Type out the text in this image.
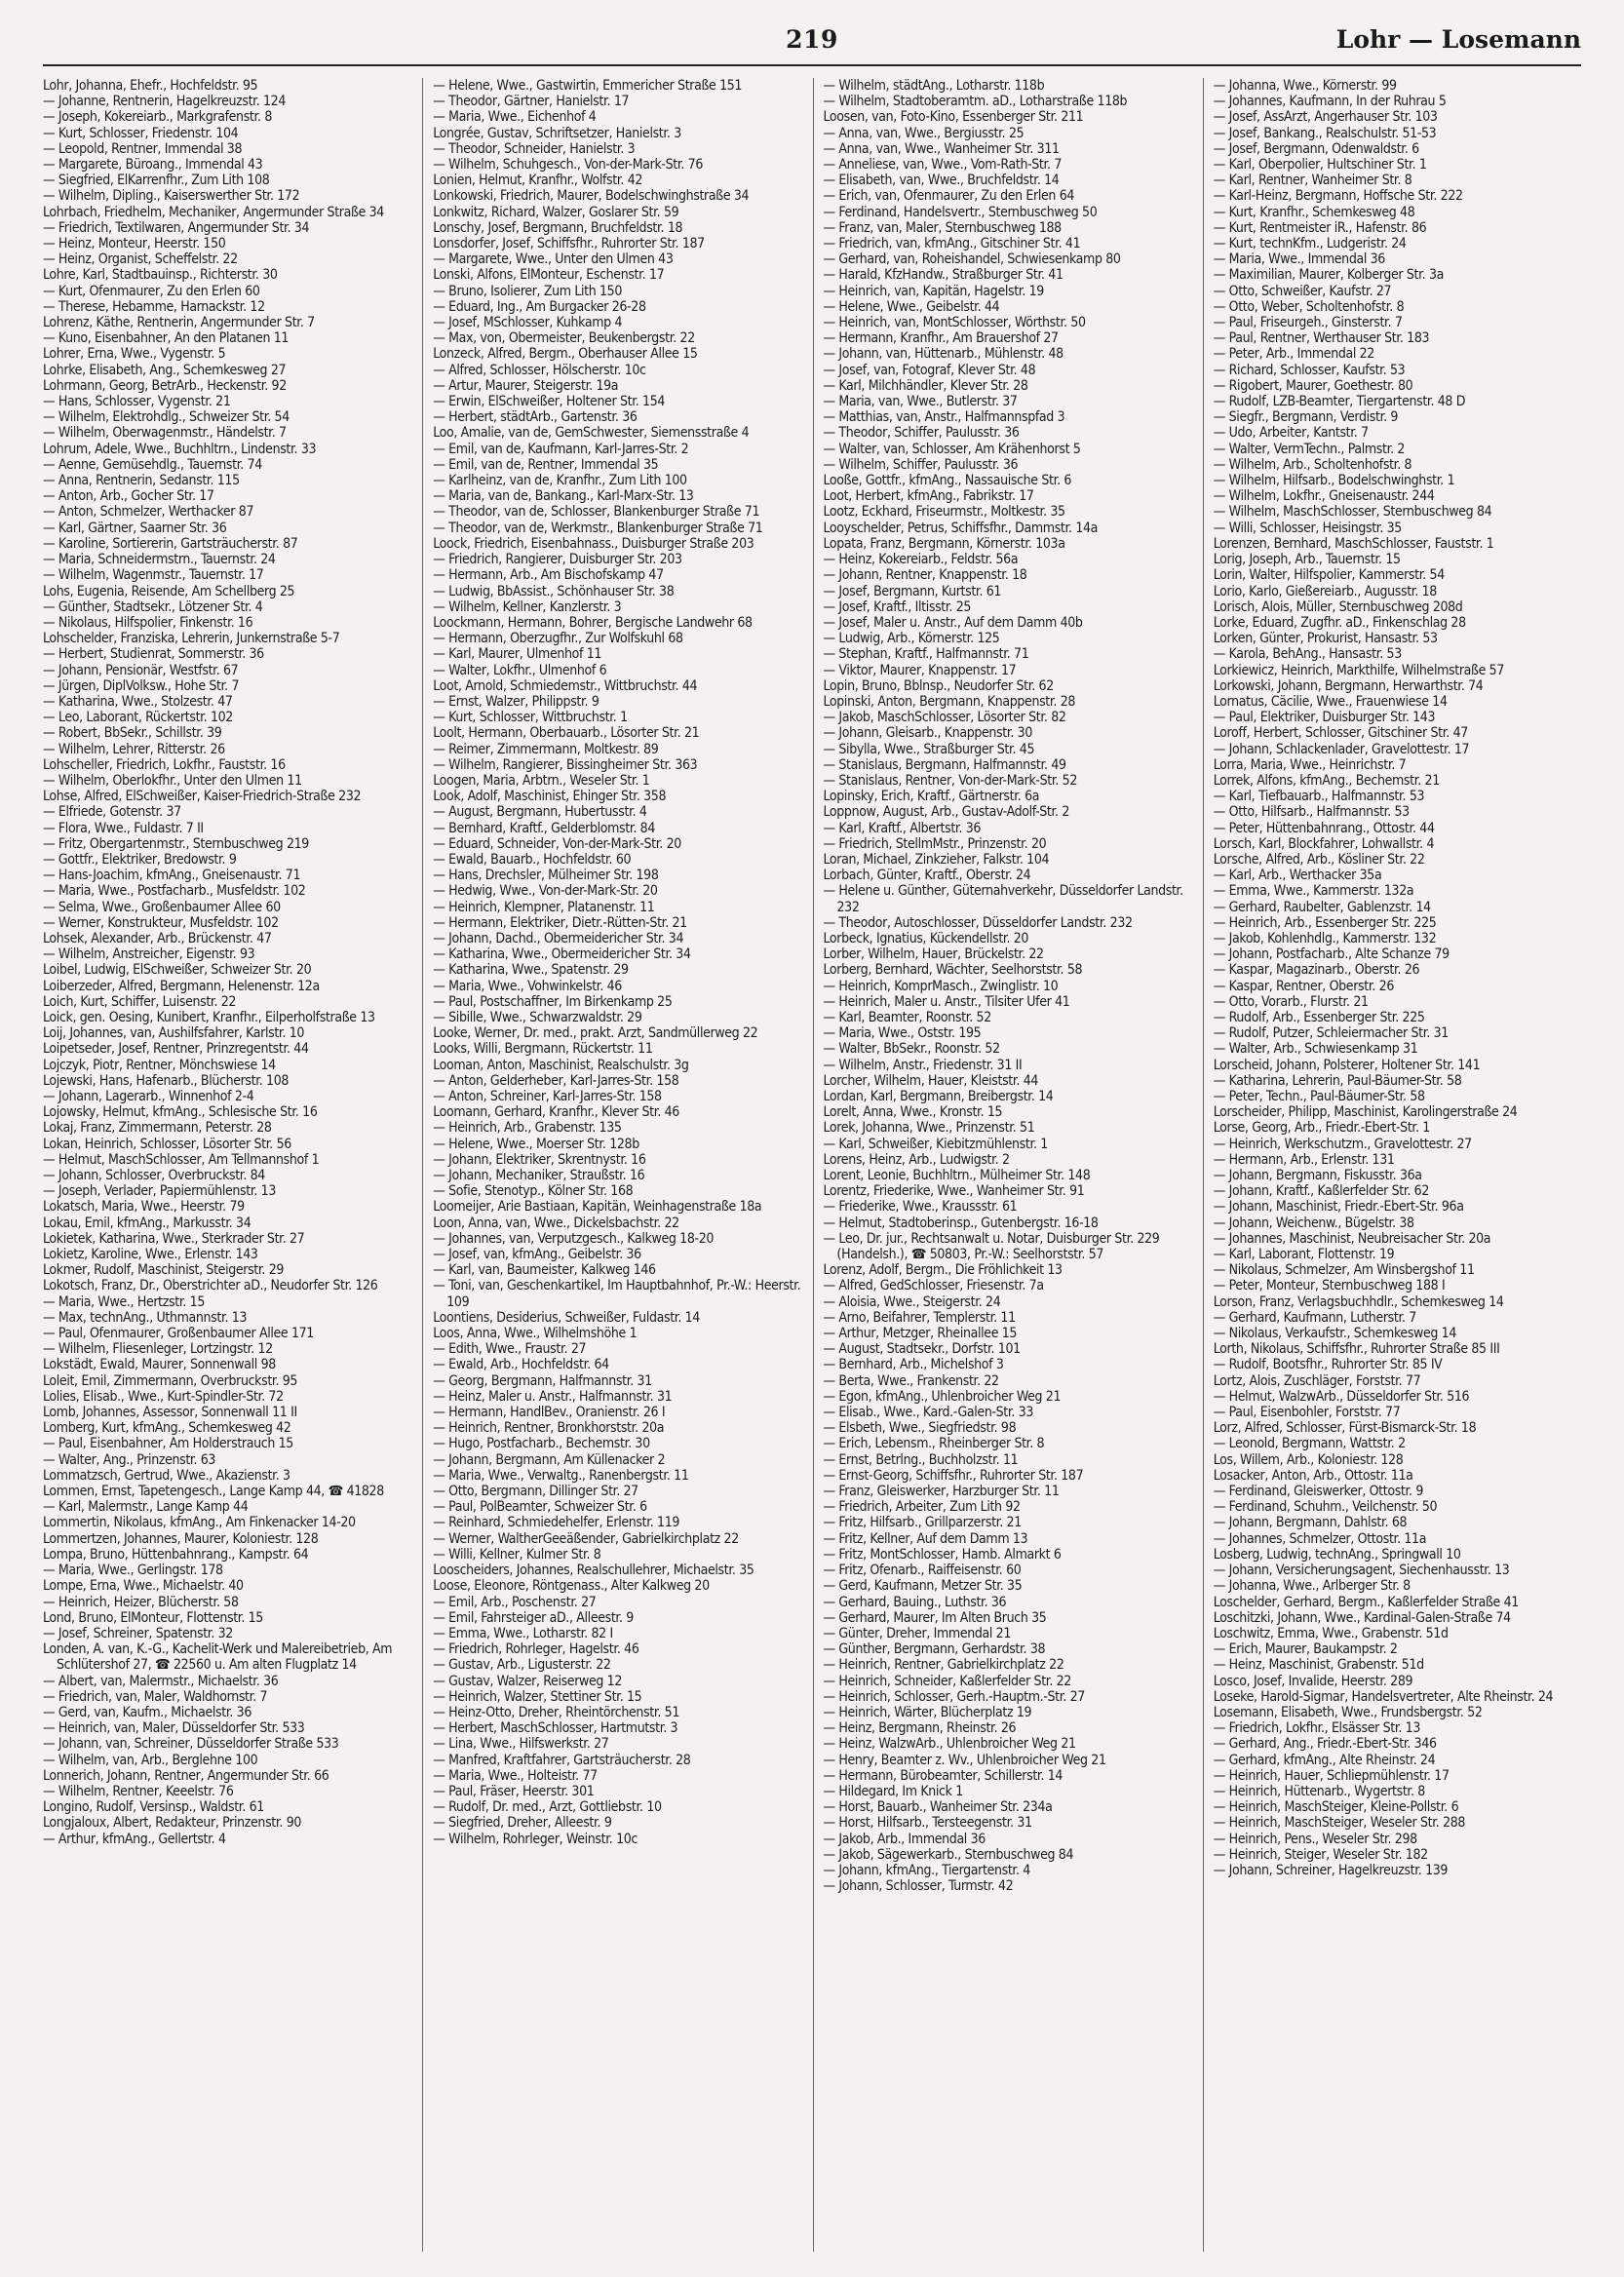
219	Lohr — Losemann
Lohr, Johanna, Ehefr., Hochfeldstr. 95
— Johanne, Rentnerin, Hagelkreuzstr. 124
— Joseph, Kokereiarb., Markgrafenstr. 8
— Kurt, Schlosser, Friedenstr. 104
— Leopold, Rentner, Immendal 38
— Margarete, Büroang., Immendal 43
— Siegfried, ElKarrenfhr., Zum Lith 108
— Wilhelm, Dipling., Kaiserswerther Str. 172
Lohrbach, Friedhelm, Mechaniker, Angermunder Straße 34
— Friedrich, Textilwaren, Angermunder Str. 34
— Heinz, Monteur, Heerstr. 150
— Heinz, Organist, Scheffelstr. 22
Lohre, Karl, Stadtbauinsp., Richterstr. 30
— Kurt, Ofenmaurer, Zu den Erlen 60
— Therese, Hebamme, Harnackstr. 12
Lohrenz, Käthe, Rentnerin, Angermunder Str. 7
— Kuno, Eisenbahner, An den Platanen 11
Lohrer, Erna, Wwe., Vygenstr. 5
Lohrke, Elisabeth, Ang., Schemkesweg 27
Lohrmann, Georg, BetrArb., Heckenstr. 92
— Hans, Schlosser, Vygenstr. 21
— Wilhelm, Elektrohdlg., Schweizer Str. 54
— Wilhelm, Oberwagenmstr., Händelstr. 7
Lohrum, Adele, Wwe., Buchhltrn., Lindenstr. 33
— Aenne, Gemüsehdlg., Tauernstr. 74
— Anna, Rentnerin, Sedanstr. 115
— Anton, Arb., Gocher Str. 17
— Anton, Schmelzer, Werthacker 87
— Karl, Gärtner, Saarner Str. 36
— Karoline, Sortiererin, Gartsträucherstr. 87
— Maria, Schneidermstrn., Tauernstr. 24
— Wilhelm, Wagenmstr., Tauernstr. 17
Lohs, Eugenia, Reisende, Am Schellberg 25
— Günther, Stadtsekr., Lötzener Str. 4
— Nikolaus, Hilfspolier, Finkenstr. 16
Lohschelder, Franziska, Lehrerin, Junkernstraße 5-7
— Herbert, Studienrat, Sommerstr. 36
— Johann, Pensionär, Westfstr. 67
— Jürgen, DiplVolksw., Hohe Str. 7
— Katharina, Wwe., Stolzestr. 47
— Leo, Laborant, Rückertstr. 102
— Robert, BbSekr., Schillstr. 39
— Wilhelm, Lehrer, Ritterstr. 26
Lohscheller, Friedrich, Lokfhr., Fauststr. 16
— Wilhelm, Oberlokfhr., Unter den Ulmen 11
Lohse, Alfred, ElSchweißer, Kaiser-Friedrich-Straße 232
— Elfriede, Gotenstr. 37
— Flora, Wwe., Fuldastr. 7 II
— Fritz, Obergartenmstr., Sternbuschweg 219
— Gottfr., Elektriker, Bredowstr. 9
— Hans-Joachim, kfmAng., Gneisenaustr. 71
— Maria, Wwe., Postfacharb., Musfeldstr. 102
— Selma, Wwe., Großenbaumer Allee 60
— Werner, Konstrukteur, Musfeldstr. 102
Lohsek, Alexander, Arb., Brückenstr. 47
— Wilhelm, Anstreicher, Eigenstr. 93
Loibel, Ludwig, ElSchweißer, Schweizer Str. 20
Loiberzeder, Alfred, Bergmann, Helenenstr. 12a
Loich, Kurt, Schiffer, Luisenstr. 22
Loick, gen. Oesing, Kunibert, Kranfhr., Eilperholfstraße 13
Loij, Johannes, van, Aushilfsfahrer, Karlstr. 10
Loipetseder, Josef, Rentner, Prinzregentstr. 44
Lojczyk, Piotr, Rentner, Mönchswiese 14
Lojewski, Hans, Hafenarb., Blücherstr. 108
— Johann, Lagerarb., Winnenhof 2-4
Lojowsky, Helmut, kfmAng., Schlesische Str. 16
Lokaj, Franz, Zimmermann, Peterstr. 28
Lokan, Heinrich, Schlosser, Lösorter Str. 56
— Helmut, MaschSchlosser, Am Tellmannshof 1
— Johann, Schlosser, Overbruckstr. 84
— Joseph, Verlader, Papiermühlenstr. 13
Lokatsch, Maria, Wwe., Heerstr. 79
Lokau, Emil, kfmAng., Markusstr. 34
Lokietek, Katharina, Wwe., Sterkrader Str. 27
Lokietz, Karoline, Wwe., Erlenstr. 143
Lokmer, Rudolf, Maschinist, Steigerstr. 29
Lokotsch, Franz, Dr., Oberstrichter aD., Neudorfer Str. 126
— Maria, Wwe., Hertzstr. 15
— Max, technAng., Uthmannstr. 13
— Paul, Ofenmaurer, Großenbaumer Allee 171
— Wilhelm, Fliesenleger, Lortzingstr. 12
Lokstädt, Ewald, Maurer, Sonnenwall 98
Loleit, Emil, Zimmermann, Overbruckstr. 95
Lolies, Elisab., Wwe., Kurt-Spindler-Str. 72
Lomb, Johannes, Assessor, Sonnenwall 11 II
Lomberg, Kurt, kfmAng., Schemkesweg 42
— Paul, Eisenbahner, Am Holderstrauch 15
— Walter, Ang., Prinzenstr. 63
Lommatzsch, Gertrud, Wwe., Akazienstr. 3
Lommen, Ernst, Tapetengesch., Lange Kamp 44, ☎ 41828
— Karl, Malermstr., Lange Kamp 44
Lommertin, Nikolaus, kfmAng., Am Finkenacker 14-20
Lommertzen, Johannes, Maurer, Koloniestr. 128
Lompa, Bruno, Hüttenbahnrang., Kampstr. 64
— Maria, Wwe., Gerlingstr. 178
Lompe, Erna, Wwe., Michaelstr. 40
— Heinrich, Heizer, Blücherstr. 58
Lond, Bruno, ElMonteur, Flottenstr. 15
— Josef, Schreiner, Spatenstr. 32
Londen, A. van, K.-G., Kachelit-Werk und Malereibetrieb, Am Schlütershof 27, ☎ 22560 u. Am alten Flugplatz 14
— Albert, van, Malermstr., Michaelstr. 36
— Friedrich, van, Maler, Waldhornstr. 7
— Gerd, van, Kaufm., Michaelstr. 36
— Heinrich, van, Maler, Düsseldorfer Str. 533
— Johann, van, Schreiner, Düsseldorfer Straße 533
— Wilhelm, van, Arb., Berglehne 100
Lonnerich, Johann, Rentner, Angermunder Str. 66
— Wilhelm, Rentner, Keeelstr. 76
Longino, Rudolf, Versinsp., Waldstr. 61
Longjaloux, Albert, Redakteur, Prinzenstr. 90
— Arthur, kfmAng., Gellertstr. 4
— Helene, Wwe., Gastwirtin, Emmericher Straße 151
— Theodor, Gärtner, Hanielstr. 17
— Maria, Wwe., Eichenhof 4
Longrée, Gustav, Schriftsetzer, Hanielstr. 3
— Theodor, Schneider, Hanielstr. 3
— Wilhelm, Schuhgesch., Von-der-Mark-Str. 76
Lonien, Helmut, Kranfhr., Wolfstr. 42
Lonkowski, Friedrich, Maurer, Bodelschwinghstraße 34
Lonkwitz, Richard, Walzer, Goslarer Str. 59
Lonschy, Josef, Bergmann, Bruchfeldstr. 18
Lonsdorfer, Josef, Schiffsfhr., Ruhrorter Str. 187
— Margarete, Wwe., Unter den Ulmen 43
Lonski, Alfons, ElMonteur, Eschenstr. 17
— Bruno, Isolierer, Zum Lith 150
— Eduard, Ing., Am Burgacker 26-28
— Josef, MSchlosser, Kuhkamp 4
— Max, von, Obermeister, Beukenbergstr. 22
Lonzeck, Alfred, Bergm., Oberhauser Allee 15
— Alfred, Schlosser, Hölscherstr. 10c
— Artur, Maurer, Steigerstr. 19a
— Erwin, ElSchweißer, Holtener Str. 154
— Herbert, städtArb., Gartenstr. 36
Loo, Amalie, van de, GemSchwester, Siemensstraße 4
— Emil, van de, Kaufmann, Karl-Jarres-Str. 2
— Emil, van de, Rentner, Immendal 35
— Karlheinz, van de, Kranfhr., Zum Lith 100
— Maria, van de, Bankang., Karl-Marx-Str. 13
— Theodor, van de, Schlosser, Blankenburger Straße 71
— Theodor, van de, Werkmstr., Blankenburger Straße 71
Loock, Friedrich, Eisenbahnass., Duisburger Straße 203
— Friedrich, Rangierer, Duisburger Str. 203
— Hermann, Arb., Am Bischofskamp 47
— Ludwig, BbAssist., Schönhauser Str. 38
— Wilhelm, Kellner, Kanzlerstr. 3
Loockmann, Hermann, Bohrer, Bergische Landwehr 68
— Hermann, Oberzugfhr., Zur Wolfskuhl 68
— Karl, Maurer, Ulmenhof 11
— Walter, Lokfhr., Ulmenhof 6
Loot, Arnold, Schmiedemstr., Wittbruchstr. 44
— Ernst, Walzer, Philippstr. 9
— Kurt, Schlosser, Wittbruchstr. 1
Loolt, Hermann, Oberbauarb., Lösorter Str. 21
— Reimer, Zimmermann, Moltkestr. 89
— Wilhelm, Rangierer, Bissingheimer Str. 363
Loogen, Maria, Arbtrn., Weseler Str. 1
Look, Adolf, Maschinist, Ehinger Str. 358
— August, Bergmann, Hubertusstr. 4
— Bernhard, Kraftf., Gelderblomstr. 84
— Eduard, Schneider, Von-der-Mark-Str. 20
— Ewald, Bauarb., Hochfeldstr. 60
— Hans, Drechsler, Mülheimer Str. 198
— Hedwig, Wwe., Von-der-Mark-Str. 20
— Heinrich, Klempner, Platanenstr. 11
— Hermann, Elektriker, Dietr.-Rütten-Str. 21
— Johann, Dachd., Obermeidericher Str. 34
— Katharina, Wwe., Obermeidericher Str. 34
— Katharina, Wwe., Spatenstr. 29
— Maria, Wwe., Vohwinkelstr. 46
— Paul, Postschaffner, Im Birkenkamp 25
— Sibille, Wwe., Schwarzwaldstr. 29
Looke, Werner, Dr. med., prakt. Arzt, Sandmüllerweg 22
Looks, Willi, Bergmann, Rückertstr. 11
Looman, Anton, Maschinist, Realschulstr. 3g
— Anton, Gelderheber, Karl-Jarres-Str. 158
— Anton, Schreiner, Karl-Jarres-Str. 158
Loomann, Gerhard, Kranfhr., Klever Str. 46
— Heinrich, Arb., Grabenstr. 135
— Helene, Wwe., Moerser Str. 128b
— Johann, Elektriker, Skrentnystr. 16
— Johann, Mechaniker, Straußstr. 16
— Sofie, Stenotyp., Kölner Str. 168
Loomeijer, Arie Bastiaan, Kapitän, Weinhagenstraße 18a
Loon, Anna, van, Wwe., Dickelsbachstr. 22
— Johannes, van, Verputzgesch., Kalkweg 18-20
— Josef, van, kfmAng., Geibelstr. 36
— Karl, van, Baumeister, Kalkweg 146
— Toni, van, Geschenkartikel, Im Hauptbahnhof, Pr.-W.: Heerstr. 109
Loontiens, Desiderius, Schweißer, Fuldastr. 14
Loos, Anna, Wwe., Wilhelmshöhe 1
— Edith, Wwe., Fraustr. 27
— Ewald, Arb., Hochfeldstr. 64
— Georg, Bergmann, Halfmannstr. 31
— Heinz, Maler u. Anstr., Halfmannstr. 31
— Hermann, HandlBev., Oranienstr. 26 I
— Heinrich, Rentner, Bronkhorststr. 20a
— Hugo, Postfacharb., Bechemstr. 30
— Johann, Bergmann, Am Küllenacker 2
— Maria, Wwe., Verwaltg., Ranenbergstr. 11
— Otto, Bergmann, Dillinger Str. 27
— Paul, PolBeamter, Schweizer Str. 6
— Reinhard, Schmiedehelfer, Erlenstr. 119
— Werner, WaltherGeeäßender, Gabrielkirchplatz 22
— Willi, Kellner, Kulmer Str. 8
Looscheiders, Johannes, Realschullehrer, Michaelstr. 35
Loose, Eleonore, Röntgenass., Alter Kalkweg 20
— Emil, Arb., Poschenstr. 27
— Emil, Fahrsteiger aD., Alleestr. 9
— Emma, Wwe., Lotharstr. 82 I
— Friedrich, Rohrleger, Hagelstr. 46
— Gustav, Arb., Ligusterstr. 22
— Gustav, Walzer, Reiserweg 12
— Heinrich, Walzer, Stettiner Str. 15
— Heinz-Otto, Dreher, Rheintörchenstr. 51
— Herbert, MaschSchlosser, Hartmutstr. 3
— Lina, Wwe., Hilfswerkstr. 27
— Manfred, Kraftfahrer, Gartsträucherstr. 28
— Maria, Wwe., Holteistr. 77
— Paul, Fräser, Heerstr. 301
— Rudolf, Dr. med., Arzt, Gottliebstr. 10
— Siegfried, Dreher, Alleestr. 9
— Wilhelm, Rohrleger, Weinstr. 10c
— Wilhelm, städtAng., Lotharstr. 118b
— Wilhelm, Stadtoberamtm. aD., Lotharstraße 118b
Loosen, van, Foto-Kino, Essenberger Str. 211
— Anna, van, Wwe., Bergiusstr. 25
— Anna, van, Wwe., Wanheimer Str. 311
— Anneliese, van, Wwe., Vom-Rath-Str. 7
— Elisabeth, van, Wwe., Bruchfeldstr. 14
— Erich, van, Ofenmaurer, Zu den Erlen 64
— Ferdinand, Handelsvertr., Sternbuschweg 50
— Franz, van, Maler, Sternbuschweg 188
— Friedrich, van, kfmAng., Gitschiner Str. 41
— Gerhard, van, Roheishandel, Schwiesenkamp 80
— Harald, KfzHandw., Straßburger Str. 41
— Heinrich, van, Kapitän, Hagelstr. 19
— Helene, Wwe., Geibelstr. 44
— Heinrich, van, MontSchlosser, Wörthstr. 50
— Hermann, Kranfhr., Am Brauershof 27
— Johann, van, Hüttenarb., Mühlenstr. 48
— Josef, van, Fotograf, Klever Str. 48
— Karl, Milchhändler, Klever Str. 28
— Maria, van, Wwe., Butlerstr. 37
— Matthias, van, Anstr., Halfmannspfad 3
— Theodor, Schiffer, Paulusstr. 36
— Walter, van, Schlosser, Am Krähenhorst 5
— Wilhelm, Schiffer, Paulusstr. 36
Looße, Gottfr., kfmAng., Nassauische Str. 6
Loot, Herbert, kfmAng., Fabrikstr. 17
Lootz, Eckhard, Friseurmstr., Moltkestr. 35
Looyschelder, Petrus, Schiffsfhr., Dammstr. 14a
Lopata, Franz, Bergmann, Körnerstr. 103a
— Heinz, Kokereiarb., Feldstr. 56a
— Johann, Rentner, Knappenstr. 18
— Josef, Bergmann, Kurtstr. 61
— Josef, Kraftf., Iltisstr. 25
— Josef, Maler u. Anstr., Auf dem Damm 40b
— Ludwig, Arb., Körnerstr. 125
— Stephan, Kraftf., Halfmannstr. 71
— Viktor, Maurer, Knappenstr. 17
Lopin, Bruno, Bblnsp., Neudorfer Str. 62
Lopinski, Anton, Bergmann, Knappenstr. 28
— Jakob, MaschSchlosser, Lösorter Str. 82
— Johann, Gleisarb., Knappenstr. 30
— Sibylla, Wwe., Straßburger Str. 45
— Stanislaus, Bergmann, Halfmannstr. 49
— Stanislaus, Rentner, Von-der-Mark-Str. 52
Lopinsky, Erich, Kraftf., Gärtnerstr. 6a
Loppnow, August, Arb., Gustav-Adolf-Str. 2
— Karl, Kraftf., Albertstr. 36
— Friedrich, StellmMstr., Prinzenstr. 20
Loran, Michael, Zinkzieher, Falkstr. 104
Lorbach, Günter, Kraftf., Oberstr. 24
— Helene u. Günther, Güternahverkehr, Düsseldorfer Landstr. 232
— Theodor, Autoschlosser, Düsseldorfer Landstr. 232
Lorbeck, Ignatius, Kückendellstr. 20
Lorber, Wilhelm, Hauer, Brückelstr. 22
Lorberg, Bernhard, Wächter, Seelhorststr. 58
— Heinrich, KomprMasch., Zwinglistr. 10
— Heinrich, Maler u. Anstr., Tilsiter Ufer 41
— Karl, Beamter, Roonstr. 52
— Maria, Wwe., Oststr. 195
— Walter, BbSekr., Roonstr. 52
— Wilhelm, Anstr., Friedenstr. 31 II
Lorcher, Wilhelm, Hauer, Kleiststr. 44
Lordan, Karl, Bergmann, Breibergstr. 14
Lorelt, Anna, Wwe., Kronstr. 15
Lorek, Johanna, Wwe., Prinzenstr. 51
— Karl, Schweißer, Kiebitzmühlenstr. 1
Lorens, Heinz, Arb., Ludwigstr. 2
Lorent, Leonie, Buchhltrn., Mülheimer Str. 148
Lorentz, Friederike, Wwe., Wanheimer Str. 91
— Friederike, Wwe., Kraussstr. 61
— Helmut, Stadtoberinsp., Gutenbergstr. 16-18
— Leo, Dr. jur., Rechtsanwalt u. Notar, Duisburger Str. 229 (Handelsh.), ☎ 50803, Pr.-W.: Seelhorststr. 57
Lorenz, Adolf, Bergm., Die Fröhlichkeit 13
— Alfred, GedSchlosser, Friesenstr. 7a
— Aloisia, Wwe., Steigerstr. 24
— Arno, Beifahrer, Templerstr. 11
— Arthur, Metzger, Rheinallee 15
— August, Stadtsekr., Dorfstr. 101
— Bernhard, Arb., Michelshof 3
— Berta, Wwe., Frankenstr. 22
— Egon, kfmAng., Uhlenbroicher Weg 21
— Elisab., Wwe., Kard.-Galen-Str. 33
— Elsbeth, Wwe., Siegfriedstr. 98
— Erich, Lebensm., Rheinberger Str. 8
— Ernst, Betrlng., Buchholzstr. 11
— Ernst-Georg, Schiffsfhr., Ruhrorter Str. 187
— Franz, Gleiswerker, Harzburger Str. 11
— Friedrich, Arbeiter, Zum Lith 92
— Fritz, Hilfsarb., Grillparzerstr. 21
— Fritz, Kellner, Auf dem Damm 13
— Fritz, MontSchlosser, Hamb. Almarkt 6
— Fritz, Ofenarb., Raiffeisenstr. 60
— Gerd, Kaufmann, Metzer Str. 35
— Gerhard, Bauing., Luthstr. 36
— Gerhard, Maurer, Im Alten Bruch 35
— Günter, Dreher, Immendal 21
— Günther, Bergmann, Gerhardstr. 38
— Heinrich, Rentner, Gabrielkirchplatz 22
— Heinrich, Schneider, Kaßlerfelder Str. 22
— Heinrich, Schlosser, Gerh.-Hauptm.-Str. 27
— Heinrich, Wärter, Blücherplatz 19
— Heinz, Bergmann, Rheinstr. 26
— Heinz, WalzwArb., Uhlenbroicher Weg 21
— Henry, Beamter z. Wv., Uhlenbroicher Weg 21
— Hermann, Bürobeamter, Schillerstr. 14
— Hildegard, Im Knick 1
— Horst, Bauarb., Wanheimer Str. 234a
— Horst, Hilfsarb., Tersteegenstr. 31
— Jakob, Arb., Immendal 36
— Jakob, Sägewerkarb., Sternbuschweg 84
— Johann, kfmAng., Tiergartenstr. 4
— Johann, Schlosser, Turmstr. 42
— Johanna, Wwe., Körnerstr. 99
— Johannes, Kaufmann, In der Ruhrau 5
— Josef, AssArzt, Angerhauser Str. 103
— Josef, Bankang., Realschulstr. 51-53
— Josef, Bergmann, Odenwaldstr. 6
— Karl, Oberpolier, Hultschiner Str. 1
— Karl, Rentner, Wanheimer Str. 8
— Karl-Heinz, Bergmann, Hoffsche Str. 222
— Kurt, Kranfhr., Schemkesweg 48
— Kurt, Rentmeister iR., Hafenstr. 86
— Kurt, technKfm., Ludgeristr. 24
— Maria, Wwe., Immendal 36
— Maximilian, Maurer, Kolberger Str. 3a
— Otto, Schweißer, Kaufstr. 27
— Otto, Weber, Scholtenhofstr. 8
— Paul, Friseurgeh., Ginsterstr. 7
— Paul, Rentner, Werthauser Str. 183
— Peter, Arb., Immendal 22
— Richard, Schlosser, Kaufstr. 53
— Rigobert, Maurer, Goethestr. 80
— Rudolf, LZB-Beamter, Tiergartenstr. 48 D
— Siegfr., Bergmann, Verdistr. 9
— Udo, Arbeiter, Kantstr. 7
— Walter, VermTechn., Palmstr. 2
— Wilhelm, Arb., Scholtenhofstr. 8
— Wilhelm, Hilfsarb., Bodelschwinghstr. 1
— Wilhelm, Lokfhr., Gneisenaustr. 244
— Wilhelm, MaschSchlosser, Sternbuschweg 84
— Willi, Schlosser, Heisingstr. 35
Lorenzen, Bernhard, MaschSchlosser, Fauststr. 1
Lorig, Joseph, Arb., Tauernstr. 15
Lorin, Walter, Hilfspolier, Kammerstr. 54
Lorio, Karlo, Gießereiarb., Augusstr. 18
Lorisch, Alois, Müller, Sternbuschweg 208d
Lorke, Eduard, Zugfhr. aD., Finkenschlag 28
Lorken, Günter, Prokurist, Hansastr. 53
— Karola, BehAng., Hansastr. 53
Lorkiewicz, Heinrich, Markthilfe, Wilhelmstraße 57
Lorkowski, Johann, Bergmann, Herwarthstr. 74
Lornatus, Cäcilie, Wwe., Frauenwiese 14
— Paul, Elektriker, Duisburger Str. 143
Loroff, Herbert, Schlosser, Gitschiner Str. 47
— Johann, Schlackenlader, Gravelottestr. 17
Lorra, Maria, Wwe., Heinrichstr. 7
Lorrek, Alfons, kfmAng., Bechemstr. 21
— Karl, Tiefbauarb., Halfmannstr. 53
— Otto, Hilfsarb., Halfmannstr. 53
— Peter, Hüttenbahnrang., Ottostr. 44
Lorsch, Karl, Blockfahrer, Lohwallstr. 4
Lorsche, Alfred, Arb., Kösliner Str. 22
— Karl, Arb., Werthacker 35a
— Emma, Wwe., Kammerstr. 132a
— Gerhard, Raubelter, Gablenzstr. 14
— Heinrich, Arb., Essenberger Str. 225
— Jakob, Kohlenhdlg., Kammerstr. 132
— Johann, Postfacharb., Alte Schanze 79
— Kaspar, Magazinarb., Oberstr. 26
— Kaspar, Rentner, Oberstr. 26
— Otto, Vorarb., Flurstr. 21
— Rudolf, Arb., Essenberger Str. 225
— Rudolf, Putzer, Schleiermacher Str. 31
— Walter, Arb., Schwiesenkamp 31
Lorscheid, Johann, Polsterer, Holtener Str. 141
— Katharina, Lehrerin, Paul-Bäumer-Str. 58
— Peter, Techn., Paul-Bäumer-Str. 58
Lorscheider, Philipp, Maschinist, Karolingerstraße 24
Lorse, Georg, Arb., Friedr.-Ebert-Str. 1
— Heinrich, Werkschutzm., Gravelottestr. 27
— Hermann, Arb., Erlenstr. 131
— Johann, Bergmann, Fiskusstr. 36a
— Johann, Kraftf., Kaßlerfelder Str. 62
— Johann, Maschinist, Friedr.-Ebert-Str. 96a
— Johann, Weichenw., Bügelstr. 38
— Johannes, Maschinist, Neubreisacher Str. 20a
— Karl, Laborant, Flottenstr. 19
— Nikolaus, Schmelzer, Am Winsbergshof 11
— Peter, Monteur, Sternbuschweg 188 I
Lorson, Franz, Verlagsbuchhdlr., Schemkesweg 14
— Gerhard, Kaufmann, Lutherstr. 7
— Nikolaus, Verkaufstr., Schemkesweg 14
Lorth, Nikolaus, Schiffsfhr., Ruhrorter Straße 85 III
— Rudolf, Bootsfhr., Ruhrorter Str. 85 IV
Lortz, Alois, Zuschläger, Forststr. 77
— Helmut, WalzwArb., Düsseldorfer Str. 516
— Paul, Eisenbohler, Forststr. 77
Lorz, Alfred, Schlosser, Fürst-Bismarck-Str. 18
— Leonold, Bergmann, Wattstr. 2
Los, Willem, Arb., Koloniestr. 128
Losacker, Anton, Arb., Ottostr. 11a
— Ferdinand, Gleiswerker, Ottostr. 9
— Ferdinand, Schuhm., Veilchenstr. 50
— Johann, Bergmann, Dahlstr. 68
— Johannes, Schmelzer, Ottostr. 11a
Losberg, Ludwig, technAng., Springwall 10
— Johann, Versicherungsagent, Siechenhausstr. 13
— Johanna, Wwe., Arlberger Str. 8
Loschelder, Gerhard, Bergm., Kaßlerfelder Straße 41
Loschitzki, Johann, Wwe., Kardinal-Galen-Straße 74
Loschwitz, Emma, Wwe., Grabenstr. 51d
— Erich, Maurer, Baukampstr. 2
— Heinz, Maschinist, Grabenstr. 51d
Losco, Josef, Invalide, Heerstr. 289
Loseke, Harold-Sigmar, Handelsvertreter, Alte Rheinstr. 24
Losemann, Elisabeth, Wwe., Frundsbergstr. 52
— Friedrich, Lokfhr., Elsässer Str. 13
— Gerhard, Ang., Friedr.-Ebert-Str. 346
— Gerhard, kfmAng., Alte Rheinstr. 24
— Heinrich, Hauer, Schliepmühlenstr. 17
— Heinrich, Hüttenarb., Wygertstr. 8
— Heinrich, MaschSteiger, Kleine-Pollstr. 6
— Heinrich, MaschSteiger, Weseler Str. 288
— Heinrich, Pens., Weseler Str. 298
— Heinrich, Steiger, Weseler Str. 182
— Johann, Schreiner, Hagelkreuzstr. 139
